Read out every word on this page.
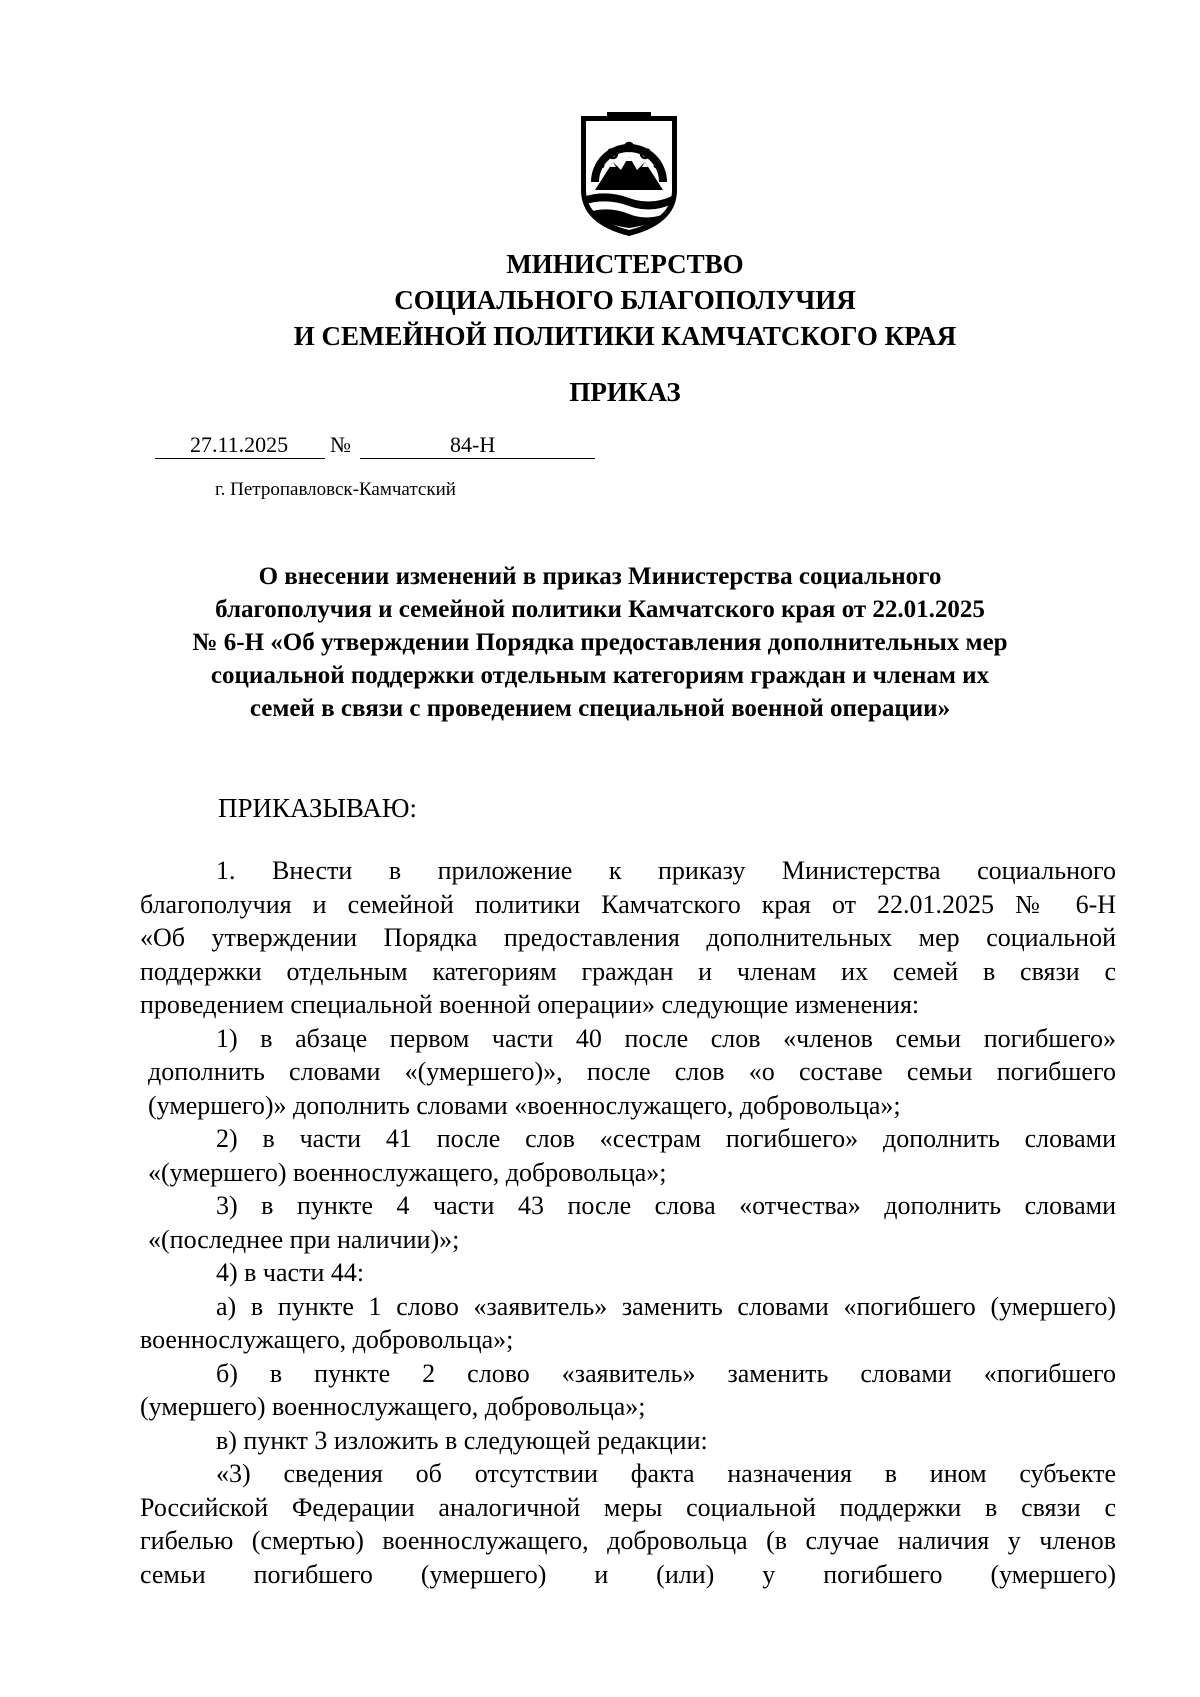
МИНИСТЕРСТВО
СОЦИАЛЬНОГО БЛАГОПОЛУЧИЯ
И СЕМЕЙНОЙ ПОЛИТИКИ КАМЧАТСКОГО КРАЯ
ПРИКАЗ
27.11.2025 №	84-Н
г. Петропавловск-Камчатский
О внесении изменений в приказ Министерства социального
благополучия и семейной политики Камчатского края от 22.01.2025
№ 6-Н «Об утверждении Порядка предоставления дополнительных мер
социальной поддержки отдельным категориям граждан и членам их
семей в связи с проведением специальной военной операции»
ПРИКАЗЫВАЮ:
1. Внести в приложение к приказу Министерства социального
благополучия и семейной политики Камчатского края от 22.01.2025 № 6-Н
«Об утверждении Порядка предоставления дополнительных мер социальной
поддержки отдельным категориям граждан и членам их семей в связи с
проведением специальной военной операции» следующие изменения:
1) в абзаце первом части 40 после слов «членов семьи погибшего»
дополнить словами «(умершего)», после слов «о составе семьи погибшего
(умершего)» дополнить словами «военнослужащего, добровольца»;
2) в части 41 после слов «сестрам погибшего» дополнить словами
«(умершего) военнослужащего, добровольца»;
3) в пункте 4 части 43 после слова «отчества» дополнить словами
«(последнее при наличии)»;
4) в части 44:
а) в пункте 1 слово «заявитель» заменить словами «погибшего (умершего)
военнослужащего, добровольца»;
б) в пункте 2 слово «заявитель» заменить словами «погибшего
(умершего) военнослужащего, добровольца»;
в) пункт 3 изложить в следующей редакции:
«3) сведения об отсутствии факта назначения в ином субъекте
Российской Федерации аналогичной меры социальной поддержки в связи с
гибелью (смертью) военнослужащего, добровольца (в случае наличия у членов
семьи погибшего (умершего) и (или) у погибшего (умершего)
